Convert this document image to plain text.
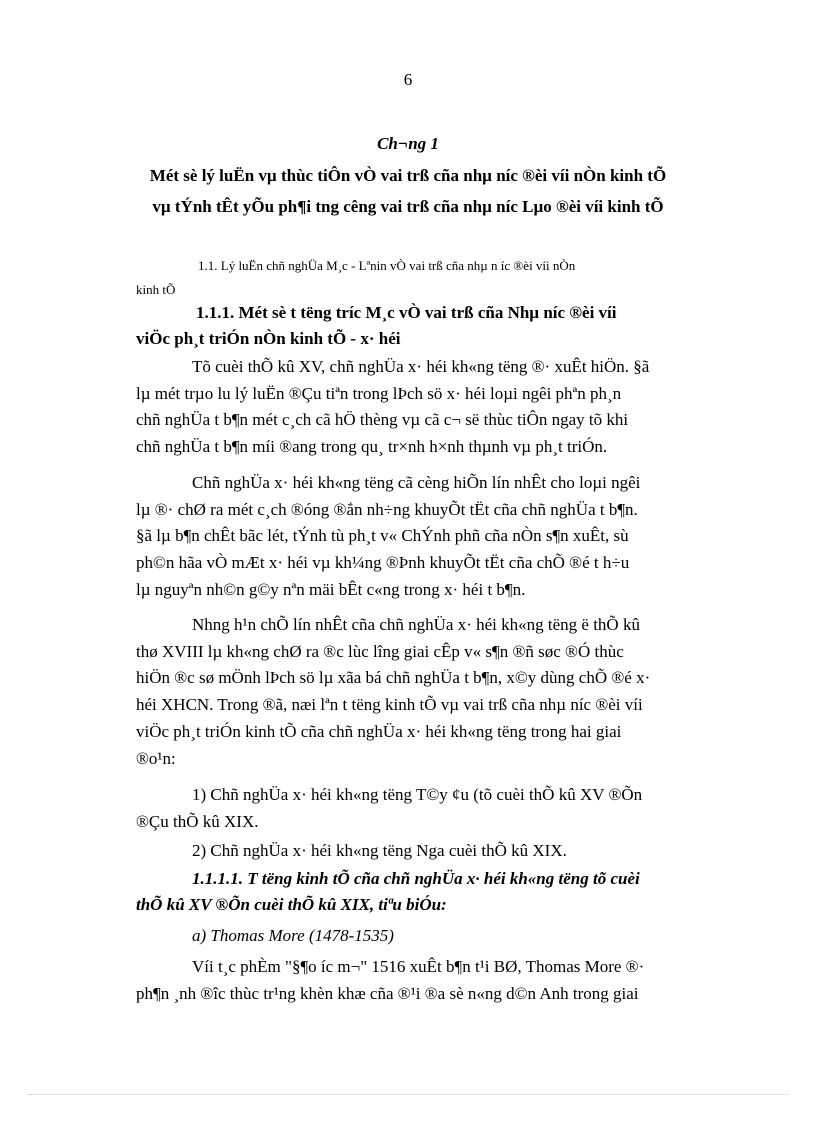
6
Ch¬ng 1
Mét sè lý luËn vµ thùc tiÔn vÒ vai trß cña nhµ níc ®èi víi nÒn kinh tÕ
vµ tÝnh tÊt yÕu ph¶i tng cêng vai trß cña nhµ níc Lµo ®èi víi kinh tÕ
1.1. Lý luËn chñ nghÜa M¸c - Lªnin vÒ vai trß cña nhµ n íc ®èi víi nÒn
kinh tÕ
1.1.1. Mét sè t tëng tríc M¸c vÒ vai trß cña Nhµ níc ®èi víi
viÖc ph¸t triÓn nÒn kinh tÕ - x· héi
Tõ cuèi thÕ kû XV, chñ nghÜa x· héi kh«ng tëng ®· xuÊt hiÖn. §ã
lµ mét trµo lu lý luËn ®Çu tiªn trong lÞch sö x· héi loµi ngêi phªn ph¸n
chñ nghÜa t b¶n mét c¸ch cã hÖ thèng vµ cã c¬ së thùc tiÔn ngay tõ khi
chñ nghÜa t b¶n míi ®ang trong qu¸ tr×nh h×nh thµnh vµ ph¸t triÓn.
Chñ nghÜa x· héi kh«ng tëng cã cèng hiÕn lín nhÊt cho loµi ngêi
lµ ®· chØ ra mét c¸ch ®óng ®ắn nh÷ng khuyÕt tËt cña chñ nghÜa t b¶n.
§ã lµ b¶n chÊt bãc lét, tÝnh tù ph¸t v« ChÝnh phñ cña nÒn s¶n xuÊt, sù
ph©n hãa vÒ mÆt x· héi vµ kh¼ng ®Þnh khuyÕt tËt cña chÕ ®é t h÷u
lµ nguyªn nh©n g©y nªn mäi bÊt c«ng trong x· héi t b¶n.
Nhng h¹n chÕ lín nhÊt cña chñ nghÜa x· héi kh«ng tëng ë thÕ kû
thø XVIII lµ kh«ng chØ ra ®c lùc lîng giai cÊp v« s¶n ®ñ søc ®Ó thùc
hiÖn ®c sø mÖnh lÞch sö lµ xãa bá chñ nghÜa t b¶n, x©y dùng chÕ ®é x·
héi XHCN. Trong ®ã, næi lªn t tëng kinh tÕ vµ vai trß cña nhµ níc ®èi víi
viÖc ph¸t triÓn kinh tÕ cña chñ nghÜa x· héi kh«ng tëng trong hai giai
®o¹n:
1) Chñ nghÜa x· héi kh«ng tëng T©y ¢u (tõ cuèi thÕ kû XV ®Õn
®Çu thÕ kû XIX.
2) Chñ nghÜa x· héi kh«ng tëng Nga cuèi thÕ kû XIX.
1.1.1.1. T tëng kinh tÕ cña chñ nghÜa x· héi kh«ng tëng tõ cuèi
thÕ kû XV ®Õn cuèi thÕ kû XIX, tiªu biÓu:
a) Thomas More (1478-1535)
Víi t¸c phÈm "§¶o íc m¬" 1516 xuÊt b¶n t¹i BØ, Thomas More ®·
ph¶n ¸nh ®îc thùc tr¹ng khèn khæ cña ®¹i ®a sè n«ng d©n Anh trong giai
